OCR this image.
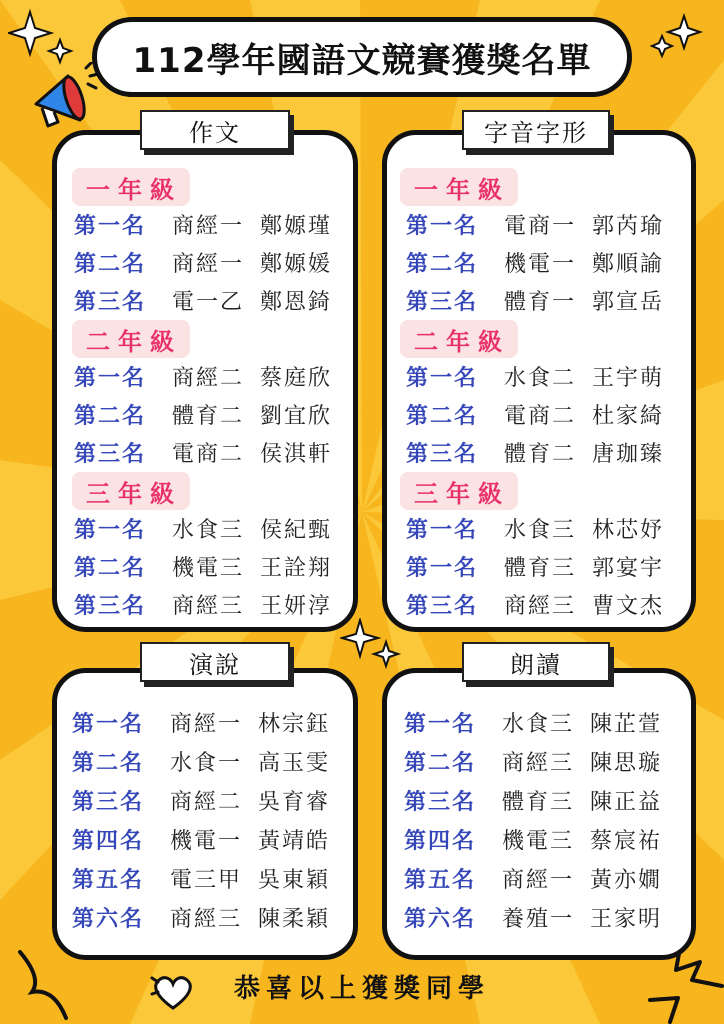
112學年國語文競賽獲獎名單
作文	字音字形
演說	朗讀
一年級
第一名	商經一 鄭嫄瑾
第二名	商經一 鄭嫄媛
第三名	電一乙 鄭恩錡
二年級
第一名	商經二 蔡庭欣
第二名	體育二 劉宜欣
第三名	電商二 侯淇軒
三年級
第一名	水食三 侯紀甄
第二名	機電三 王詮翔
第三名	商經三 王妍淳
一年級
第一名	電商一 郭芮瑜
第二名	機電一 鄭順諭
第三名	體育一 郭宣岳
二年級
第一名	水食二 王宇萌
第二名	電商二 杜家綺
第三名	體育二 唐珈臻
三年級
第一名	水食三 林芯妤
第一名	體育三 郭宴宇
第三名	商經三 曹文杰
第一名	商經一 林宗鈺
第二名	水食一 高玉雯
第三名	商經二 吳育睿
第四名	機電一 黃靖皓
第五名	電三甲 吳東穎
第六名	商經三 陳柔穎
第一名	水食三 陳芷萱
第二名	商經三 陳思璇
第三名	體育三 陳正益
第四名	機電三 蔡宸祐
第五名	商經一 黃亦嫺
第六名	養殖一 王家明
恭喜以上獲獎同學
